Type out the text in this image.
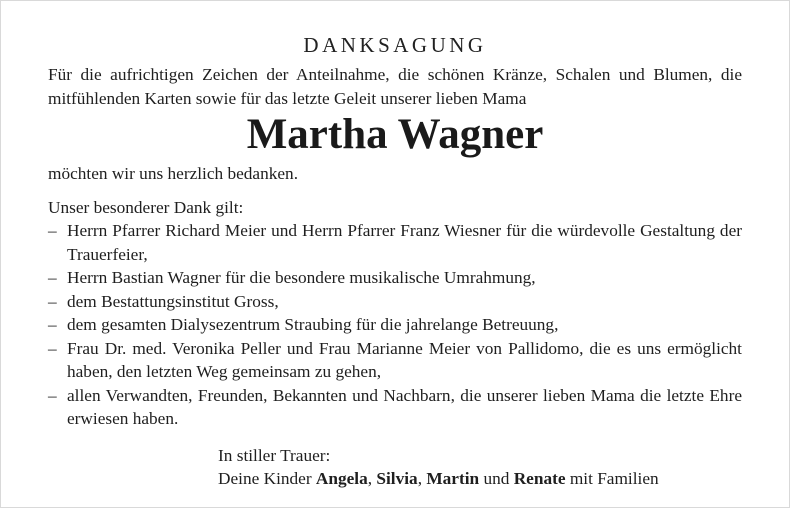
DANKSAGUNG

Für die aufrichtigen Zeichen der Anteilnahme, die schönen Kränze, Schalen und Blumen, die mitfühlenden Karten sowie für das letzte Geleit unserer lieben Mama

Martha Wagner

möchten wir uns herzlich bedanken.

Unser besonderer Dank gilt:

– Herrn Pfarrer Richard Meier und Herrn Pfarrer Franz Wiesner für die würdevolle Gestaltung der Trauerfeier,
– Herrn Bastian Wagner für die besondere musikalische Umrahmung,
– dem Bestattungsinstitut Gross,
– dem gesamten Dialysezentrum Straubing für die jahrelange Betreuung,
– Frau Dr. med. Veronika Peller und Frau Marianne Meier von Pallidomo, die es uns ermöglicht haben, den letzten Weg gemeinsam zu gehen,
– allen Verwandten, Freunden, Bekannten und Nachbarn, die unserer lieben Mama die letzte Ehre erwiesen haben.
In stiller Trauer:
Deine Kinder Angela, Silvia, Martin und Renate mit Familien
